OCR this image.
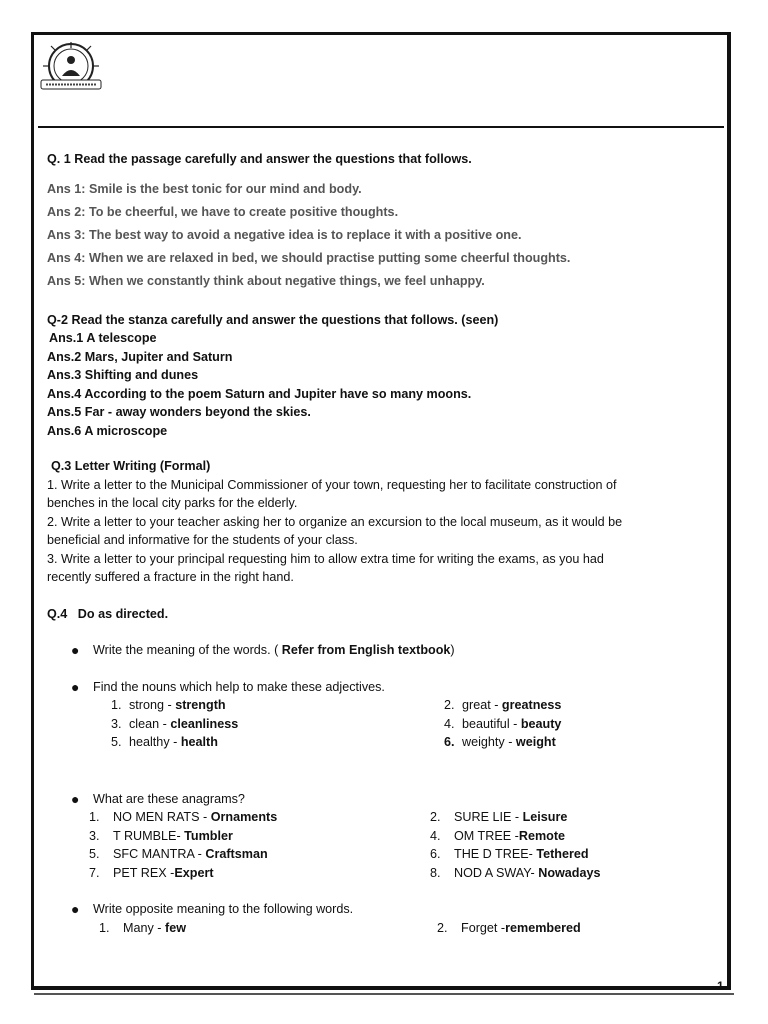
Q. 1 Read the passage carefully and answer the questions that follows.

Ans 1: Smile is the best tonic for our mind and body.

Ans 2: To be cheerful, we have to create positive thoughts.

Ans 3: The best way to avoid a negative idea is to replace it with a positive one.

Ans 4: When we are relaxed in bed, we should practise putting some cheerful thoughts.

Ans 5: When we constantly think about negative things, we feel unhappy.

Q-2 Read the stanza carefully and answer the questions that follows. (seen)

Ans.1 A telescope

Ans.2 Mars, Jupiter and Saturn

Ans.3 Shifting and dunes

Ans.4 According to the poem Saturn and Jupiter have so many moons.

Ans.5 Far - away wonders beyond the skies.

Ans.6 A microscope

Q.3 Letter Writing (Formal)

1. Write a letter to the Municipal Commissioner of your town, requesting her to facilitate construction of

benches in the local city parks for the elderly.

2. Write a letter to your teacher asking her to organize an excursion to the local museum, as it would be

beneficial and informative for the students of your class.

3. Write a letter to your principal requesting him to allow extra time for writing the exams, as you had

recently suffered a fracture in the right hand.

Q.4   Do as directed.

● Write the meaning of the words. ( Refer from English textbook)

● Find the nouns which help to make these adjectives.

1. strong - strength	2. great - greatness
3. clean - cleanliness	4. beautiful - beauty
5. healthy - health	6. weighty - weight

● What are these anagrams?

1. NO MEN RATS - Ornaments	2. SURE LIE - Leisure
3. T RUMBLE- Tumbler	4. OM TREE -Remote
5. SFC MANTRA - Craftsman	6. THE D TREE- Tethered
7. PET REX -Expert	8. NOD A SWAY- Nowadays

● Write opposite meaning to the following words.

1. Many - few	2. Forget -remembered
1
